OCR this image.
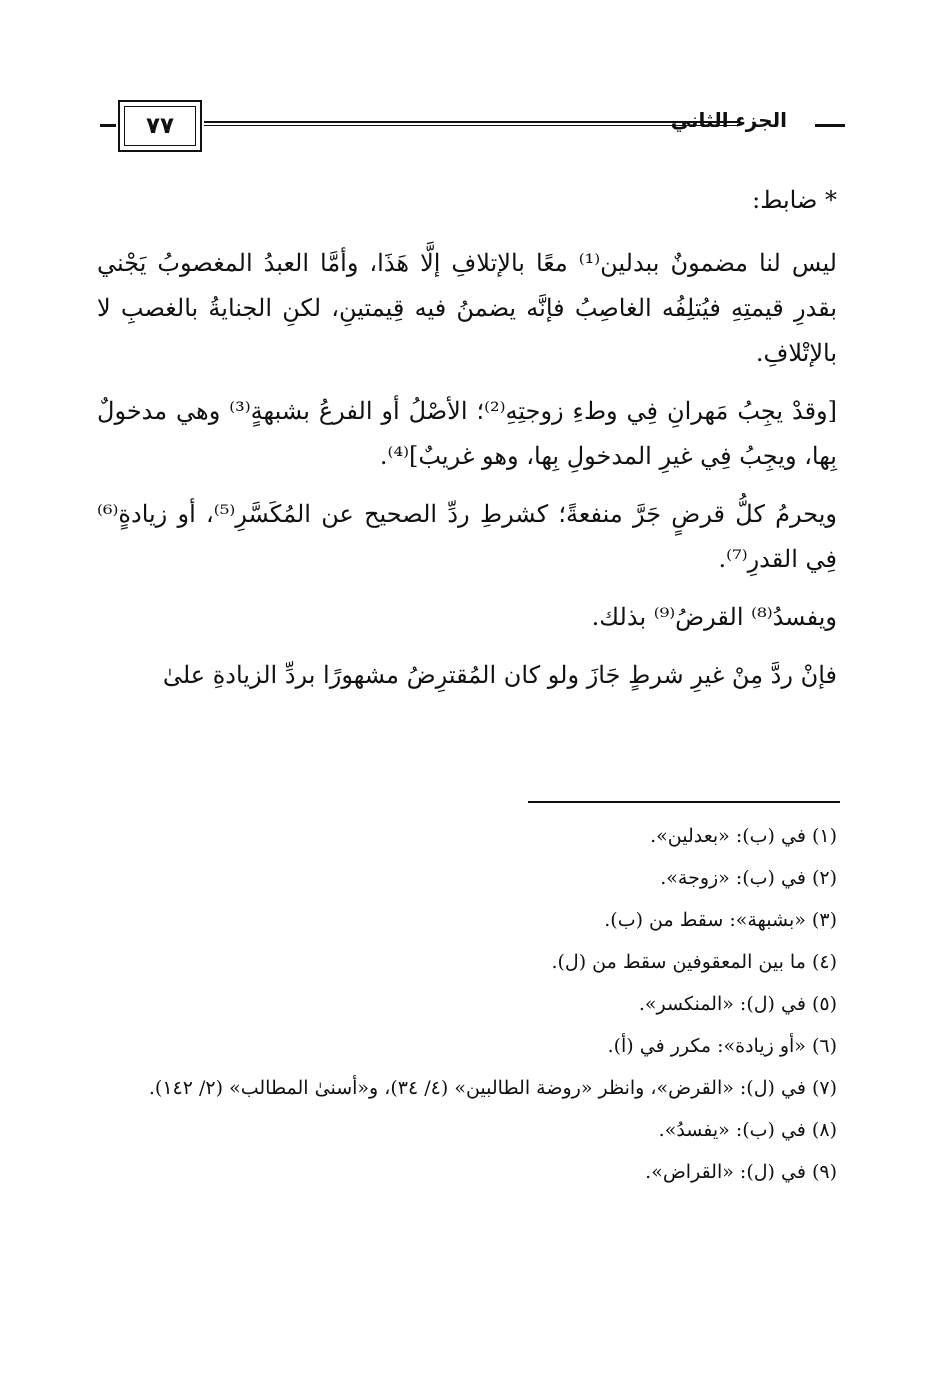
٧٧	الجزء الثاني

* ضابط:

ليس لنا مضمونٌ ببدلين⁽¹⁾ معًا بالإتلافِ إلَّا هَذَا، وأمَّا العبدُ المغصوبُ يَجْني بقدرِ قيمتِهِ فيُتلِفُه الغاصِبُ فإنَّه يضمنُ فيه قِيمتينِ، لكنِ الجنايةُ بالغصبِ لا بالإتْلافِ.

[وقدْ يجِبُ مَهرانِ فِي وطءِ زوجتِهِ⁽²⁾؛ الأصْلُ أو الفرعُ بشبهةٍ⁽³⁾ وهي مدخولٌ بِها، ويجِبُ فِي غيرِ المدخولِ بِها، وهو غريبٌ]⁽⁴⁾.

ويحرمُ كلُّ قرضٍ جَرَّ منفعةً؛ كشرطِ ردِّ الصحيح عن المُكَسَّرِ⁽⁵⁾، أو زيادةٍ⁽⁶⁾ فِي القدرِ⁽⁷⁾.

ويفسدُ⁽⁸⁾ القرضُ⁽⁹⁾ بذلك.

فإنْ ردَّ مِنْ غيرِ شرطٍ جَازَ ولو كان المُقترِضُ مشهورًا بردِّ الزيادةِ علىٰ

(١) في (ب): «بعدلين».

(٢) في (ب): «زوجة».

(٣) «بشبهة»: سقط من (ب).

(٤) ما بين المعقوفين سقط من (ل).

(٥) في (ل): «المنكسر».

(٦) «أو زيادة»: مكرر في (أ).

(٧) في (ل): «القرض»، وانظر «روضة الطالبين» (٤/ ٣٤)، و«أسنىٰ المطالب» (٢/ ١٤٢).

(٨) في (ب): «يفسدُ».

(٩) في (ل): «القراض».
